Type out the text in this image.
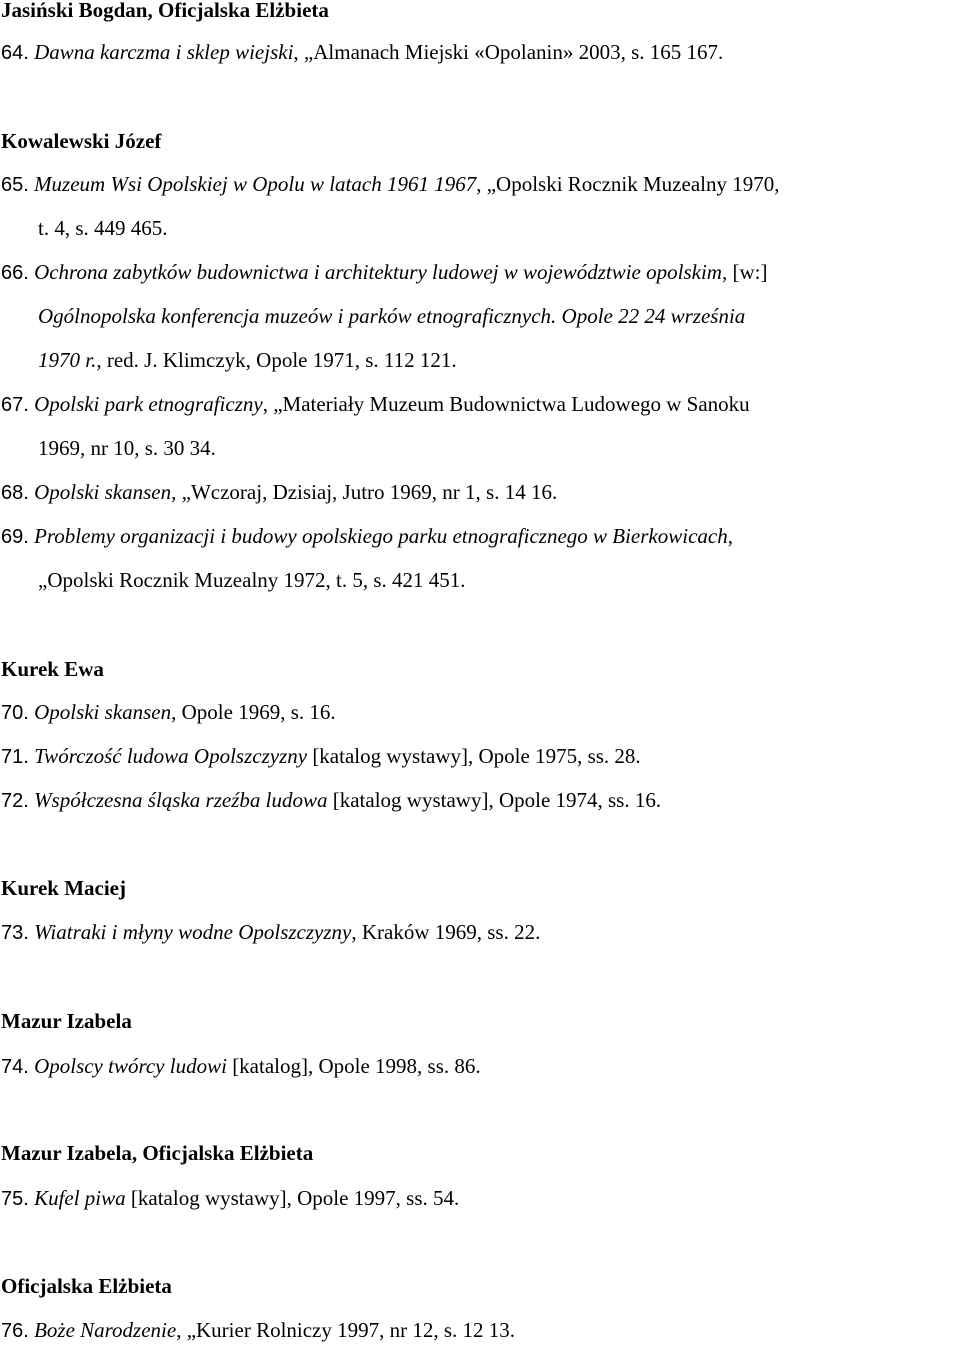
Jasiński Bogdan, Oficjalska Elżbieta
64. Dawna karczma i sklep wiejski, „Almanach Miejski «Opolanin» 2003, s. 165 167.
Kowalewski Józef
65. Muzeum Wsi Opolskiej w Opolu w latach 1961 1967, „Opolski Rocznik Muzealny 1970,
t. 4, s. 449 465.
66. Ochrona zabytków budownictwa i architektury ludowej w województwie opolskim, [w:]
Ogólnopolska konferencja muzeów i parków etnograficznych. Opole 22 24 września
1970 r., red. J. Klimczyk, Opole 1971, s. 112 121.
67. Opolski park etnograficzny, „Materiały Muzeum Budownictwa Ludowego w Sanoku
1969, nr 10, s. 30 34.
68. Opolski skansen, „Wczoraj, Dzisiaj, Jutro 1969, nr 1, s. 14 16.
69. Problemy organizacji i budowy opolskiego parku etnograficznego w Bierkowicach,
„Opolski Rocznik Muzealny 1972, t. 5, s. 421 451.
Kurek Ewa
70. Opolski skansen, Opole 1969, s. 16.
71. Twórczość ludowa Opolszczyzny [katalog wystawy], Opole 1975, ss. 28.
72. Współczesna śląska rzeźba ludowa [katalog wystawy], Opole 1974, ss. 16.
Kurek Maciej
73. Wiatraki i młyny wodne Opolszczyzny, Kraków 1969, ss. 22.
Mazur Izabela
74. Opolscy twórcy ludowi [katalog], Opole 1998, ss. 86.
Mazur Izabela, Oficjalska Elżbieta
75. Kufel piwa [katalog wystawy], Opole 1997, ss. 54.
Oficjalska Elżbieta
76. Boże Narodzenie, „Kurier Rolniczy 1997, nr 12, s. 12 13.
